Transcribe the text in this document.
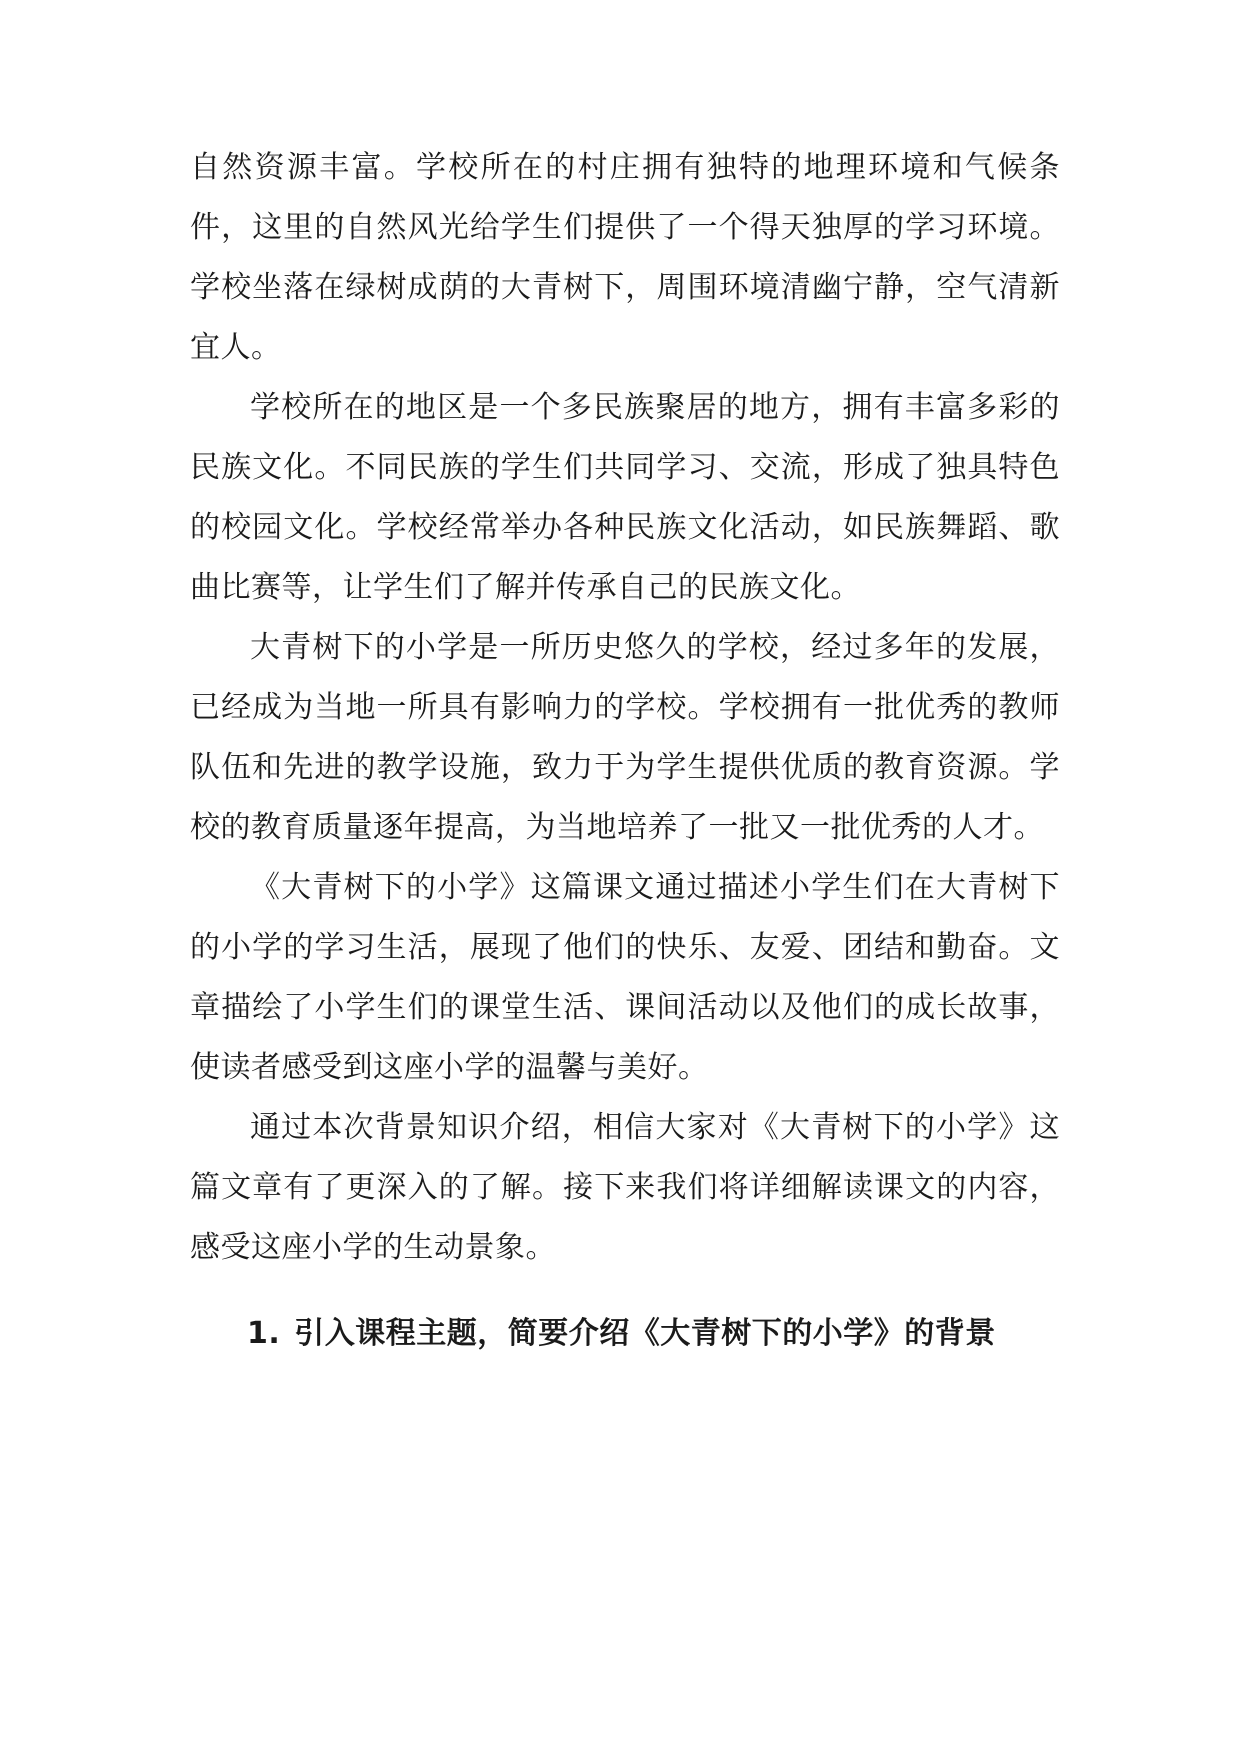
自然资源丰富。学校所在的村庄拥有独特的地理环境和气候条件，这里的自然风光给学生们提供了一个得天独厚的学习环境。学校坐落在绿树成荫的大青树下，周围环境清幽宁静，空气清新宜人。

学校所在的地区是一个多民族聚居的地方，拥有丰富多彩的民族文化。不同民族的学生们共同学习、交流，形成了独具特色的校园文化。学校经常举办各种民族文化活动，如民族舞蹈、歌曲比赛等，让学生们了解并传承自己的民族文化。

大青树下的小学是一所历史悠久的学校，经过多年的发展，已经成为当地一所具有影响力的学校。学校拥有一批优秀的教师队伍和先进的教学设施，致力于为学生提供优质的教育资源。学校的教育质量逐年提高，为当地培养了一批又一批优秀的人才。

《大青树下的小学》这篇课文通过描述小学生们在大青树下的小学的学习生活，展现了他们的快乐、友爱、团结和勤奋。文章描绘了小学生们的课堂生活、课间活动以及他们的成长故事，使读者感受到这座小学的温馨与美好。

通过本次背景知识介绍，相信大家对《大青树下的小学》这篇文章有了更深入的了解。接下来我们将详细解读课文的内容，感受这座小学的生动景象。

1. 引入课程主题，简要介绍《大青树下的小学》的背景
